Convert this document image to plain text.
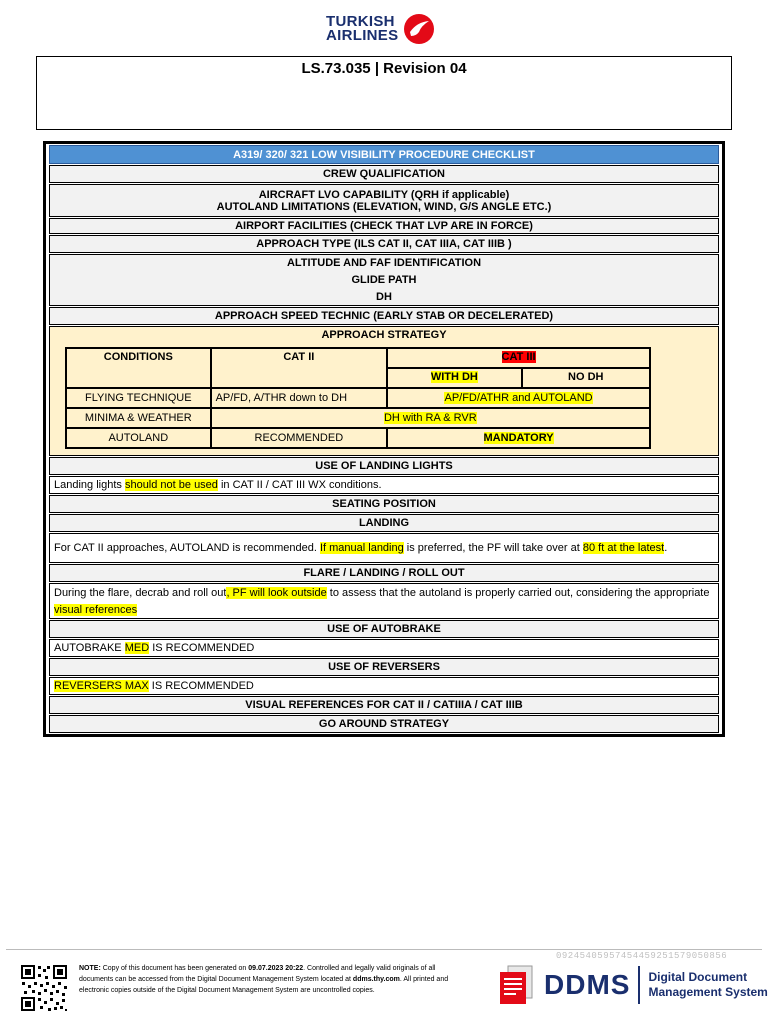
TURKISH
AIRLINES
LS.73.035 | Revision 04
A319/ 320/ 321 LOW VISIBILITY PROCEDURE CHECKLIST
CREW QUALIFICATION
AIRCRAFT LVO CAPABILITY (QRH if applicable)
AUTOLAND LIMITATIONS (ELEVATION, WIND, G/S ANGLE ETC.)
AIRPORT FACILITIES (CHECK THAT LVP ARE IN FORCE)
APPROACH TYPE (ILS CAT II, CAT IIIA, CAT IIIB )
ALTITUDE AND FAF IDENTIFICATION
GLIDE PATH
DH
APPROACH SPEED TECHNIC (EARLY STAB OR DECELERATED)
APPROACH STRATEGY
CONDITIONS	CAT II	CAT III	
		WITH DH	NO DH
FLYING TECHNIQUE	AP/FD, A/THR down to DH	AP/FD/ATHR and AUTOLAND	
MINIMA & WEATHER	DH with RA & RVR		
AUTOLAND	RECOMMENDED	MANDATORY	
USE OF LANDING LIGHTS
Landing lights should not be used in CAT II / CAT III WX conditions.
SEATING POSITION
LANDING
For CAT II approaches, AUTOLAND is recommended. If manual landing is preferred, the PF will take over at 80 ft at the latest.
FLARE / LANDING / ROLL OUT
During the flare, decrab and roll out, PF will look outside to assess that the autoland is properly carried out, considering the appropriate visual references
USE OF AUTOBRAKE
AUTOBRAKE MED IS RECOMMENDED
USE OF REVERSERS
REVERSERS MAX IS RECOMMENDED
VISUAL REFERENCES FOR CAT II / CATIIIA / CAT IIIB
GO AROUND STRATEGY
09245405957454459251579050856
NOTE: Copy of this document has been generated on 09.07.2023 20:22. Controlled and legally valid originals of all documents can be accessed from the Digital Document Management System located at ddms.thy.com. All printed and electronic copies outside of the Digital Document Management System are uncontrolled copies.	DDMS Digital Document
Management System
